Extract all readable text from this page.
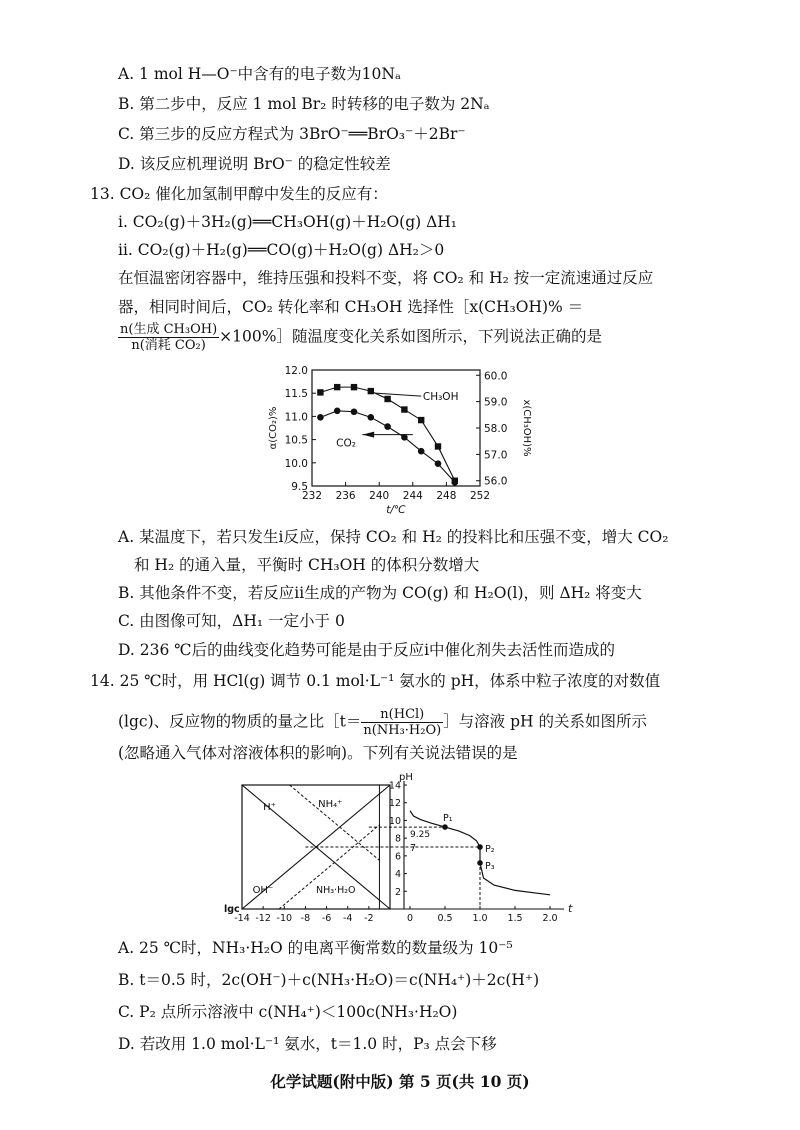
A. 1 mol H—O⁻中含有的电子数为10Nₐ
B. 第二步中，反应 1 mol Br₂ 时转移的电子数为 2Nₐ
C. 第三步的反应方程式为 3BrO⁻══BrO₃⁻＋2Br⁻
D. 该反应机理说明 BrO⁻ 的稳定性较差
13. CO₂ 催化加氢制甲醇中发生的反应有：
ⅰ. CO₂(g)＋3H₂(g)══CH₃OH(g)＋H₂O(g) ΔH₁
ⅱ. CO₂(g)＋H₂(g)══CO(g)＋H₂O(g) ΔH₂＞0
在恒温密闭容器中，维持压强和投料不变，将 CO₂ 和 H₂ 按一定流速通过反应
器，相同时间后，CO₂ 转化率和 CH₃OH 选择性［x(CH₃OH)% ＝
$\frac{\text{n(生成 CH₃OH)}}{\text{n(消耗 CO₂)}}$ ×100%］随温度变化关系如图所示，下列说法正确的是
232 236 240 244 248 252
9.5
10.0
10.5
11.0
11.5
12.0
56.0
57.0
58.0
59.0
60.0
t/℃
α(CO₂)%	x(CH₃OH)%
CH₃OH
CO₂
A. 某温度下，若只发生ⅰ反应，保持 CO₂ 和 H₂ 的投料比和压强不变，增大 CO₂
和 H₂ 的通入量，平衡时 CH₃OH 的体积分数增大
B. 其他条件不变，若反应ⅱ生成的产物为 CO(g) 和 H₂O(l)，则 ΔH₂ 将变大
C. 由图像可知，ΔH₁ 一定小于 0
D. 236 ℃后的曲线变化趋势可能是由于反应ⅰ中催化剂失去活性而造成的
14. 25 ℃时，用 HCl(g) 调节 0.1 mol·L⁻¹ 氨水的 pH，体系中粒子浓度的对数值
(lgc)、反应物的物质的量之比［t＝ $\frac{\text{n(HCl)}}{\text{n(NH₃·H₂O)}}$ ］与溶液 pH 的关系如图所示
(忽略通入气体对溶液体积的影响)。下列有关说法错误的是
pH
t
lgc
2
4
6
8
10
12
14
-14 -12 -10 -8 -6 -4 -2	0	0.5 1.0 1.5 2.0
H⁺	NH₄⁺
OH⁻	NH₃·H₂O
9.25
7
P₁
P₂
P₃
A. 25 ℃时，NH₃·H₂O 的电离平衡常数的数量级为 10⁻⁵
B. t＝0.5 时，2c(OH⁻)＋c(NH₃·H₂O)＝c(NH₄⁺)＋2c(H⁺)
C. P₂ 点所示溶液中 c(NH₄⁺)＜100c(NH₃·H₂O)
D. 若改用 1.0 mol·L⁻¹ 氨水，t＝1.0 时，P₃ 点会下移
化学试题(附中版) 第 5 页(共 10 页)
